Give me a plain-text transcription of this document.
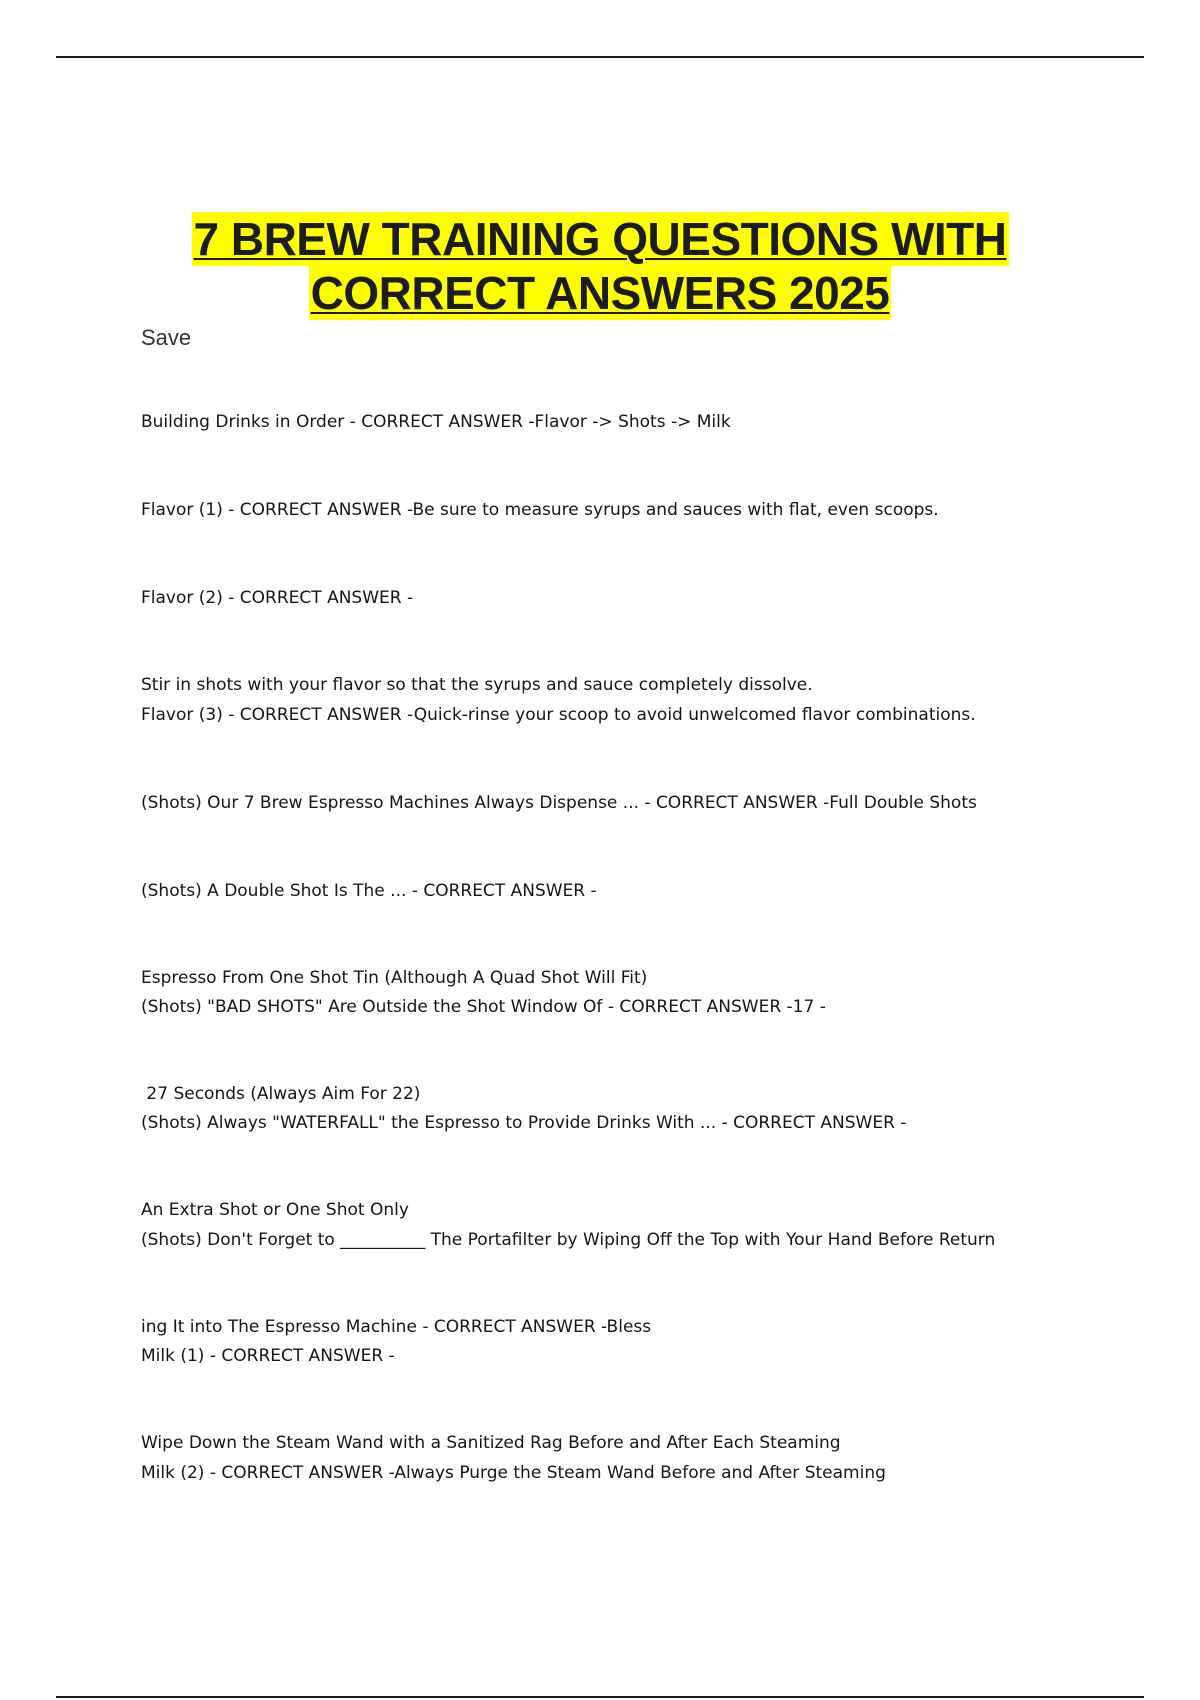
7 BREW TRAINING QUESTIONS WITH
CORRECT ANSWERS 2025
Save

Building Drinks in Order - CORRECT ANSWER -Flavor -> Shots -> Milk

Flavor (1) - CORRECT ANSWER -Be sure to measure syrups and sauces with flat, even scoops.

Flavor (2) - CORRECT ANSWER -

Stir in shots with your flavor so that the syrups and sauce completely dissolve.

Flavor (3) - CORRECT ANSWER -Quick-rinse your scoop to avoid unwelcomed flavor combinations.

(Shots) Our 7 Brew Espresso Machines Always Dispense ... - CORRECT ANSWER -Full Double Shots

(Shots) A Double Shot Is The ... - CORRECT ANSWER -

Espresso From One Shot Tin (Although A Quad Shot Will Fit)

(Shots) "BAD SHOTS" Are Outside the Shot Window Of - CORRECT ANSWER -17 -

27 Seconds (Always Aim For 22)

(Shots) Always "WATERFALL" the Espresso to Provide Drinks With ... - CORRECT ANSWER -

An Extra Shot or One Shot Only

(Shots) Don't Forget to __________ The Portafilter by Wiping Off the Top with Your Hand Before Return

ing It into The Espresso Machine - CORRECT ANSWER -Bless

Milk (1) - CORRECT ANSWER -

Wipe Down the Steam Wand with a Sanitized Rag Before and After Each Steaming

Milk (2) - CORRECT ANSWER -Always Purge the Steam Wand Before and After Steaming
